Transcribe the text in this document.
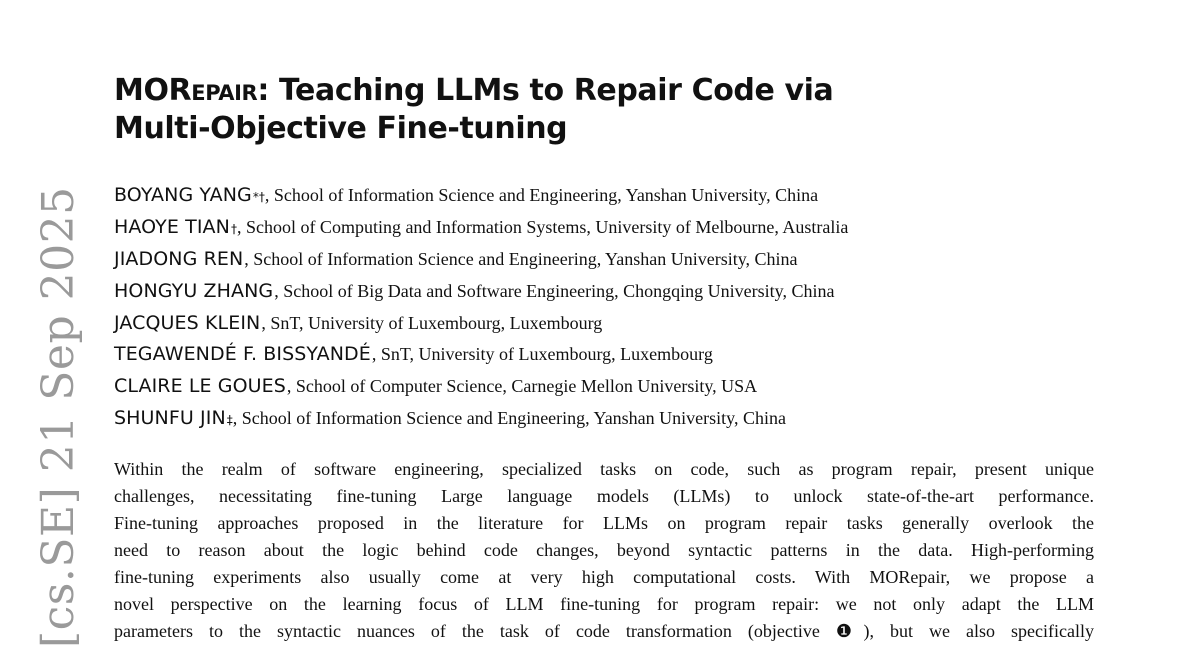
[cs.SE] 21 Sep 2025
MORepair: Teaching LLMs to Repair Code via
Multi-Objective Fine-tuning
BOYANG YANG *† , School of Information Science and Engineering, Yanshan University, China
HAOYE TIAN † , School of Computing and Information Systems, University of Melbourne, Australia
JIADONG REN , School of Information Science and Engineering, Yanshan University, China
HONGYU ZHANG , School of Big Data and Software Engineering, Chongqing University, China
JACQUES KLEIN , SnT, University of Luxembourg, Luxembourg
TEGAWENDÉ F. BISSYANDÉ , SnT, University of Luxembourg, Luxembourg
CLAIRE LE GOUES , School of Computer Science, Carnegie Mellon University, USA
SHUNFU JIN ‡ , School of Information Science and Engineering, Yanshan University, China
Within the realm of software engineering, specialized tasks on code, such as program repair, present unique
challenges, necessitating fine-tuning Large language models (LLMs) to unlock state-of-the-art performance.
Fine-tuning approaches proposed in the literature for LLMs on program repair tasks generally overlook the
need to reason about the logic behind code changes, beyond syntactic patterns in the data. High-performing
fine-tuning experiments also usually come at very high computational costs. With MORepair, we propose a
novel perspective on the learning focus of LLM fine-tuning for program repair: we not only adapt the LLM
parameters to the syntactic nuances of the task of code transformation (objective ❶), but we also specifically
